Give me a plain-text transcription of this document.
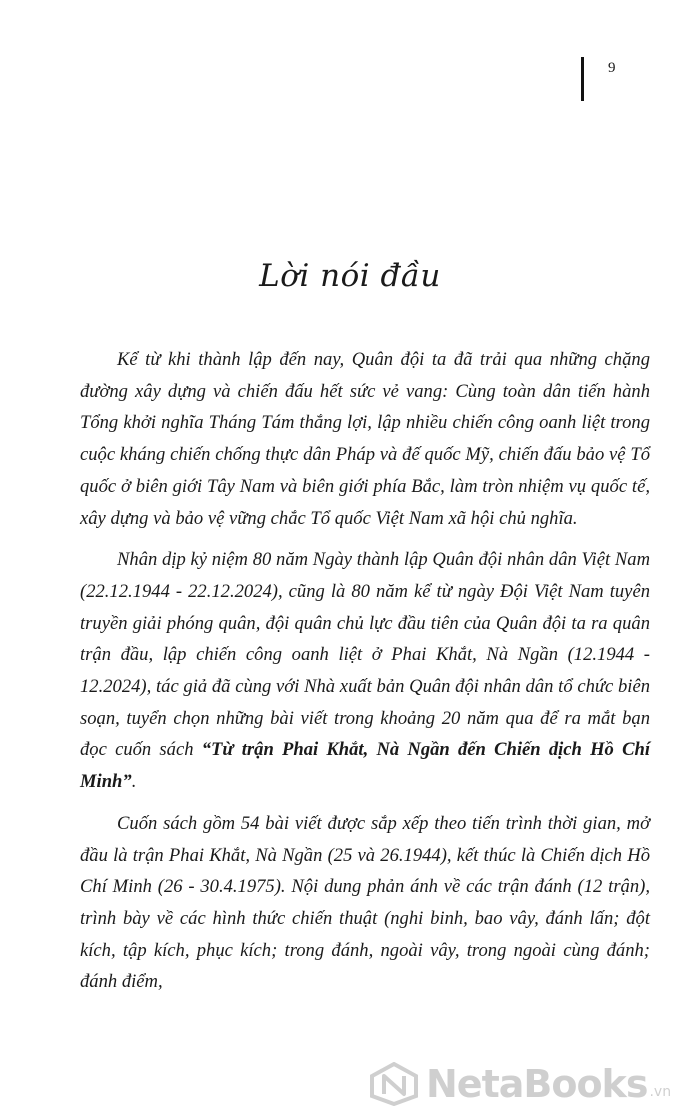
9
Lời nói đầu

Kể từ khi thành lập đến nay, Quân đội ta đã trải qua những chặng đường xây dựng và chiến đấu hết sức vẻ vang: Cùng toàn dân tiến hành Tổng khởi nghĩa Tháng Tám thắng lợi, lập nhiều chiến công oanh liệt trong cuộc kháng chiến chống thực dân Pháp và đế quốc Mỹ, chiến đấu bảo vệ Tổ quốc ở biên giới Tây Nam và biên giới phía Bắc, làm tròn nhiệm vụ quốc tế, xây dựng và bảo vệ vững chắc Tổ quốc Việt Nam xã hội chủ nghĩa.

Nhân dịp kỷ niệm 80 năm Ngày thành lập Quân đội nhân dân Việt Nam (22.12.1944 - 22.12.2024), cũng là 80 năm kể từ ngày Đội Việt Nam tuyên truyền giải phóng quân, đội quân chủ lực đầu tiên của Quân đội ta ra quân trận đầu, lập chiến công oanh liệt ở Phai Khắt, Nà Ngần (12.1944 - 12.2024), tác giả đã cùng với Nhà xuất bản Quân đội nhân dân tổ chức biên soạn, tuyển chọn những bài viết trong khoảng 20 năm qua để ra mắt bạn đọc cuốn sách “Từ trận Phai Khắt, Nà Ngần đến Chiến dịch Hồ Chí Minh”.

Cuốn sách gồm 54 bài viết được sắp xếp theo tiến trình thời gian, mở đầu là trận Phai Khắt, Nà Ngần (25 và 26.1944), kết thúc là Chiến dịch Hồ Chí Minh (26 - 30.4.1975). Nội dung phản ánh về các trận đánh (12 trận), trình bày về các hình thức chiến thuật (nghi binh, bao vây, đánh lấn; đột kích, tập kích, phục kích; trong đánh, ngoài vây, trong ngoài cùng đánh; đánh điểm,

NetaBooks .vn
